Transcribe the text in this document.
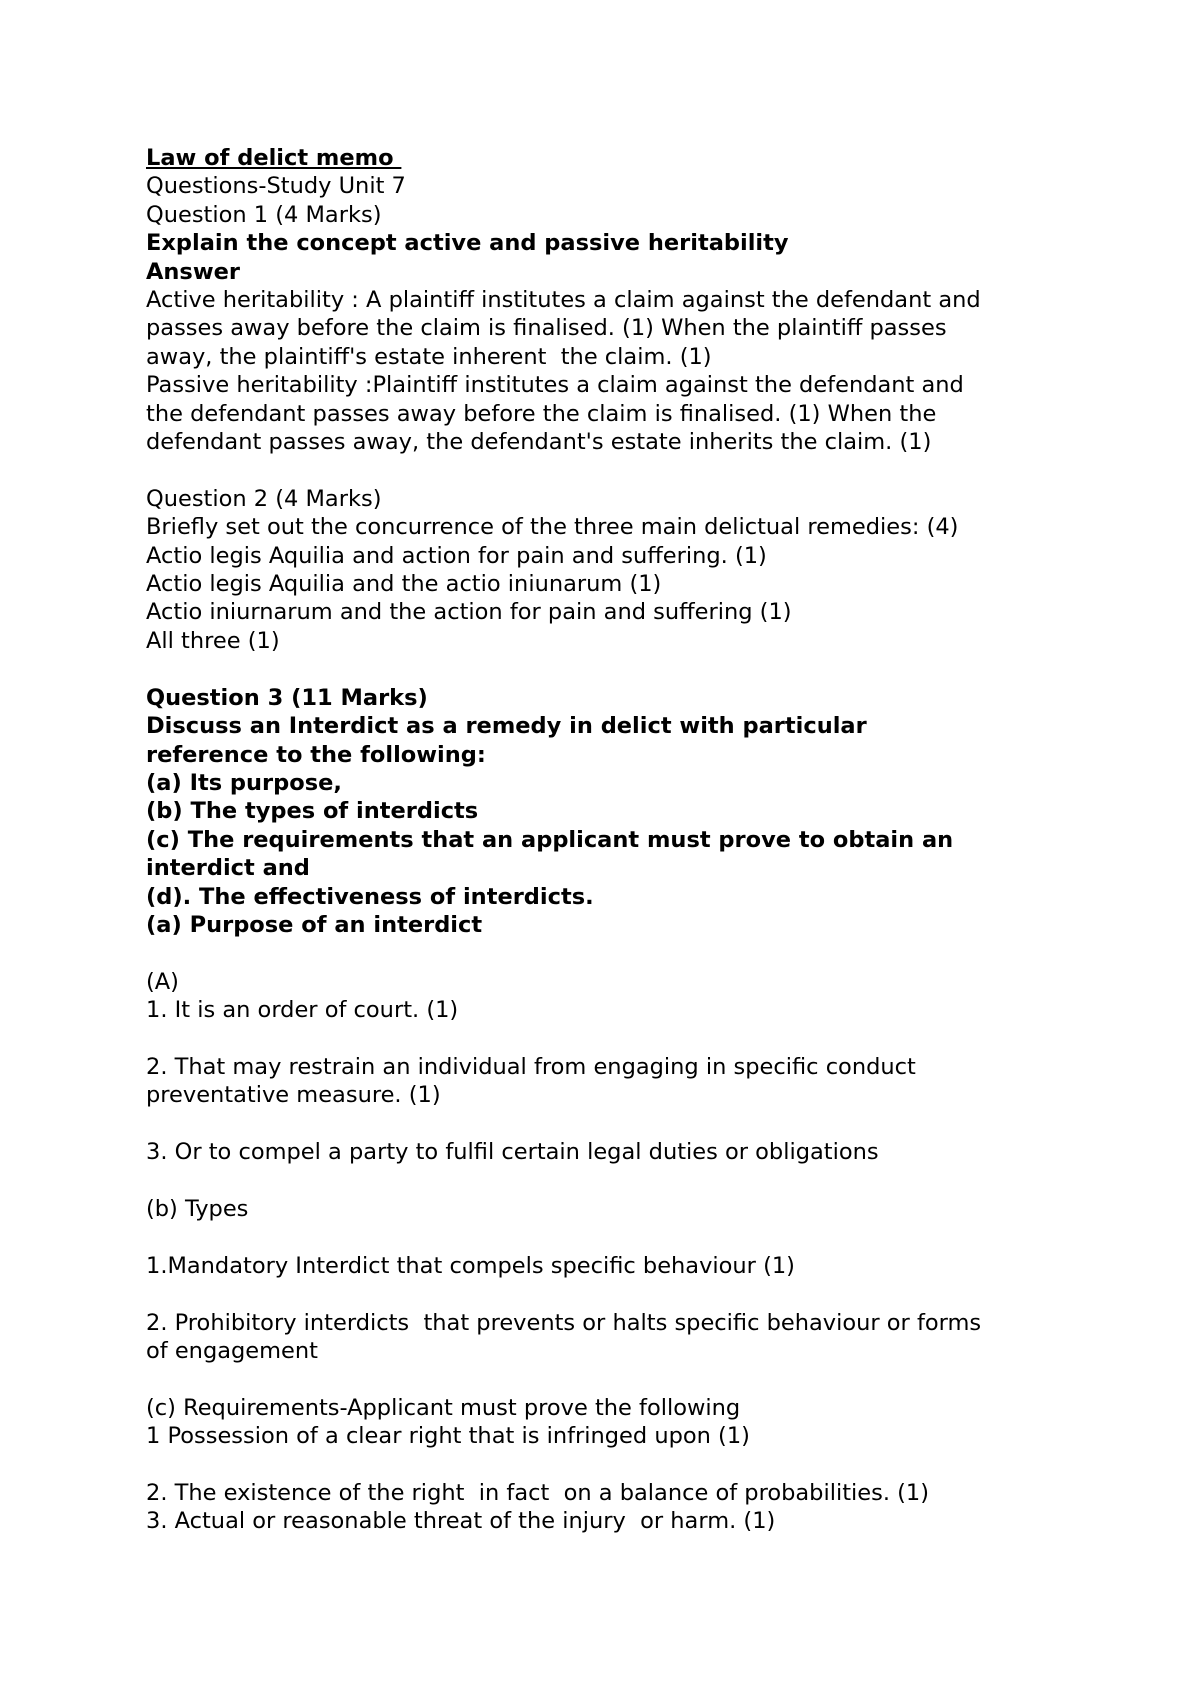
Law of delict memo
Questions-Study Unit 7
Question 1 (4 Marks)
Explain the concept active and passive heritability
Answer
Active heritability : A plaintiff institutes a claim against the defendant and
passes away before the claim is finalised. (1) When the plaintiff passes
away, the plaintiff's estate inherent  the claim. (1)
Passive heritability :Plaintiff institutes a claim against the defendant and
the defendant passes away before the claim is finalised. (1) When the
defendant passes away, the defendant's estate inherits the claim. (1)
Question 2 (4 Marks)
Briefly set out the concurrence of the three main delictual remedies: (4)
Actio legis Aquilia and action for pain and suffering. (1)
Actio legis Aquilia and the actio iniunarum (1)
Actio iniurnarum and the action for pain and suffering (1)
All three (1)
Question 3 (11 Marks)
Discuss an Interdict as a remedy in delict with particular
reference to the following:
(a) Its purpose,
(b) The types of interdicts
(c) The requirements that an applicant must prove to obtain an
interdict and
(d). The effectiveness of interdicts.
(a) Purpose of an interdict
(A)
1. It is an order of court. (1)
2. That may restrain an individual from engaging in specific conduct
preventative measure. (1)
3. Or to compel a party to fulfil certain legal duties or obligations
(b) Types
1.Mandatory Interdict that compels specific behaviour (1)
2. Prohibitory interdicts  that prevents or halts specific behaviour or forms
of engagement
(c) Requirements-Applicant must prove the following
1 Possession of a clear right that is infringed upon (1)
2. The existence of the right  in fact  on a balance of probabilities. (1)
3. Actual or reasonable threat of the injury  or harm. (1)
